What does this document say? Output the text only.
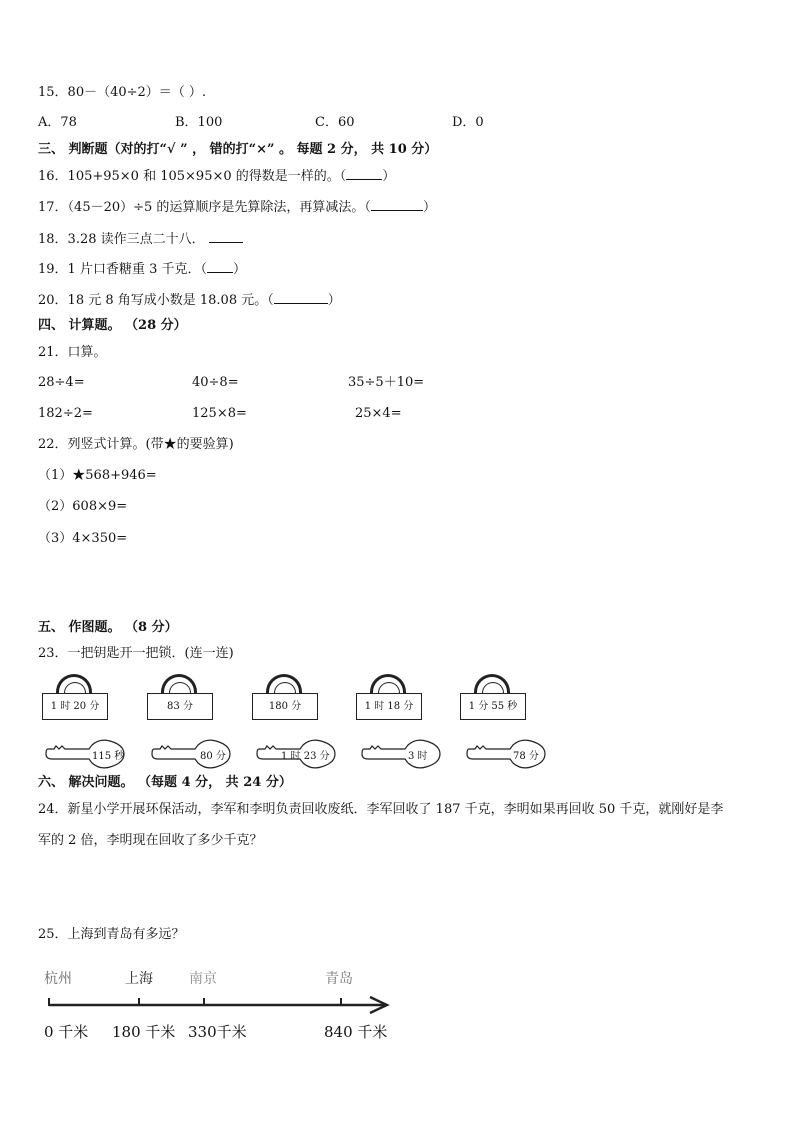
15．80－（40÷2）＝（ ）.
A．78	B．100	C．60	D．0
三、 判断题（对的打“√ ” ， 错的打“×” 。 每题 2 分， 共 10 分）
16．105+95×0 和 105×95×0 的得数是一样的。（	）
17．（45－20）÷5 的运算顺序是先算除法，再算减法。（	）
18．3.28 读作三点二十八．
19．1 片口香糖重 3 千克．（ ）
20．18 元 8 角写成小数是 18.08 元。（	）
四、 计算题。 （28 分）
21．口算。
28÷4=	40÷8=	35÷5＋10=
182÷2=	125×8=	25×4=
22．列竖式计算。(带★的要验算)
（1）★568+946=
（2）608×9=
（3）4×350=
五、 作图题。 （8 分）
23．一把钥匙开一把锁．(连一连)
1 时 20 分	83 分	180 分	1 时 18 分	1 分 55 秒
115 秒	80 分	1 时 23 分	3 时	78 分
六、 解决问题。 （每题 4 分， 共 24 分）
24．新星小学开展环保活动，李军和李明负责回收废纸．李军回收了 187 千克，李明如果再回收 50 千克，就刚好是李
军的 2 倍，李明现在回收了多少千克？
25．上海到青岛有多远？
杭州	上海	南京	青岛
0 千米 180 千米 330千米	840 千米
